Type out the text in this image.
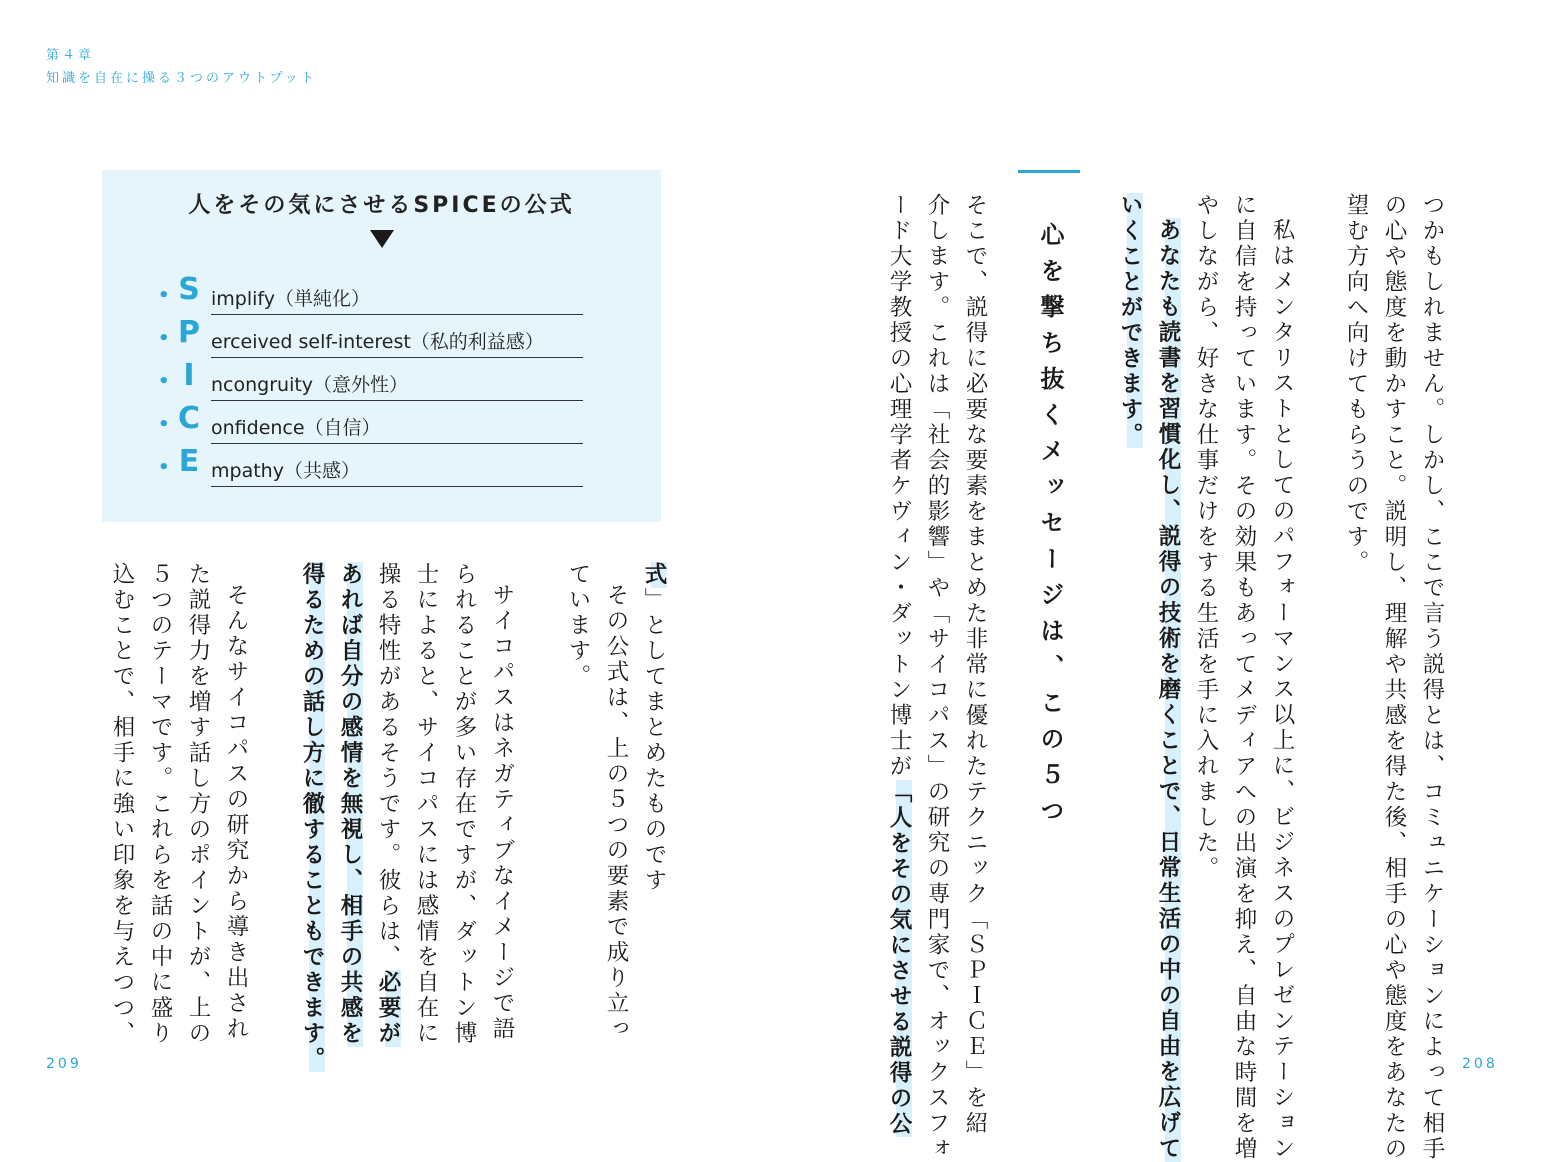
第４章
知識を自在に操る３つのアウトプット
人をその気にさせるSPICEの公式
• S implify（単純化）
• P erceived self-interest（私的利益感）
• I ncongruity（意外性）
• C onfidence（自信）
• E mpathy（共感）	つかもしれません。しかし、ここで言う説得とは、コミュニケーションによって相手
の心や態度を動かすこと。説明し、理解や共感を得た後、相手の心や態度をあなたの
望む方向へ向けてもらうのです。
私はメンタリストとしてのパフォーマンス以上に、ビジネスのプレゼンテーション
に自信を持っています。その効果もあってメディアへの出演を抑え、自由な時間を増
やしながら、好きな仕事だけをする生活を手に入れました。
あなたも読書を習慣化し、説得の技術を磨くことで、日常生活の中の自由を広げて
いくことができます。
心を撃ち抜くメッセージは、この５つ
そこで、説得に必要な要素をまとめた非常に優れたテクニック「ＳＰＩＣＥ」を紹
介します。これは「社会的影響」や「サイコパス」の研究の専門家で、オックスフォ
ード大学教授の心理学者ケヴィン・ダットン博士が「人をその気にさせる説得の公
式」としてまとめたものです
その公式は、上の５つの要素で成り立っ
ています。
サイコパスはネガティブなイメージで語
られることが多い存在ですが、ダットン博
士によると、サイコパスには感情を自在に
操る特性があるそうです。彼らは、必要が
あれば自分の感情を無視し、相手の共感を
得るための話し方に徹することもできます。
そんなサイコパスの研究から導き出され
た説得力を増す話し方のポイントが、上の
５つのテーマです。これらを話の中に盛り
込むことで、相手に強い印象を与えつつ、
209	208
